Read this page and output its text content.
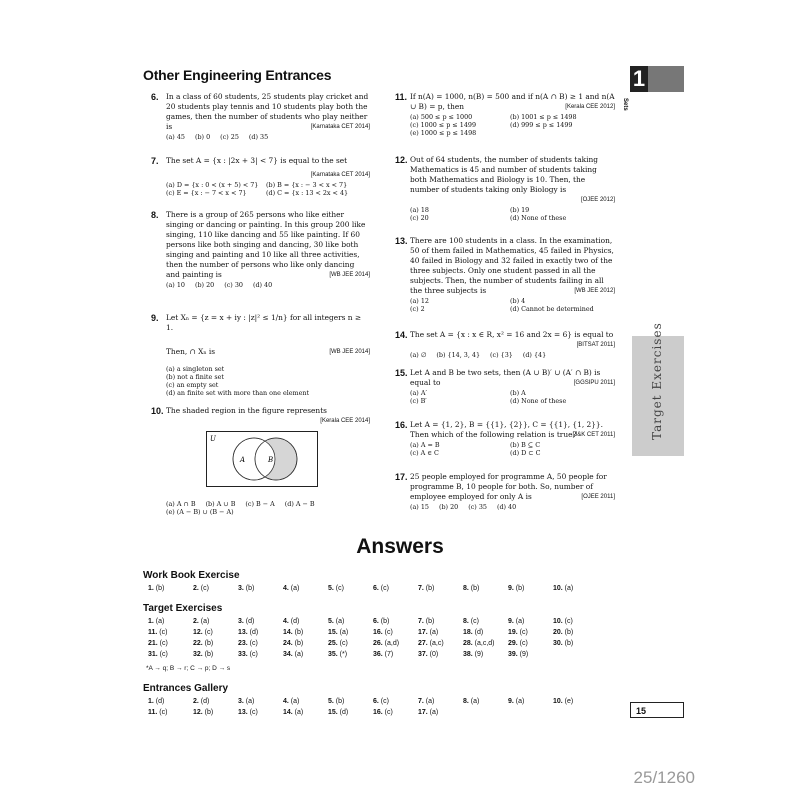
Other Engineering Entrances	1
Sets
Target Exercises
6. In a class of 60 students, 25 students play cricket and 20 students play tennis and 10 students play both the games, then the number of students who play neither is	[Karnataka CET 2014]
(a) 45 (b) 0 (c) 25 (d) 35
7. The set A = {x : |2x + 3| < 7} is equal to the set
[Karnataka CET 2014]
(a) D = {x : 0 < (x + 5) < 7}	(b) B = {x : − 3 < x < 7}
(c) E = {x : − 7 < x < 7}	(d) C = {x : 13 < 2x < 4}
8. There is a group of 265 persons who like either singing or dancing or painting. In this group 200 like singing, 110 like dancing and 55 like painting. If 60 persons like both singing and dancing, 30 like both singing and painting and 10 like all three activities, then the number of persons who like only dancing and painting is	[WB JEE 2014]
(a) 10 (b) 20 (c) 30 (d) 40
9. Let Xₙ = {z = x + iy : |z|² ≤ 1/n} for all integers n ≥ 1.
Then, ∩ Xₙ is	[WB JEE 2014]
(a) a singleton set
(b) not a finite set
(c) an empty set
(d) an finite set with more than one element
10. The shaded region in the figure represents
[Kerala CEE 2014]
U
A	B
(a) A ∩ B (b) A ∪ B (c) B − A (d) A − B
(e) (A − B) ∪ (B − A)
11. If n(A) = 1000, n(B) = 500 and if n(A ∩ B) ≥ 1 and n(A ∪ B) = p, then	[Kerala CEE 2012]
(a) 500 ≤ p ≤ 1000	(b) 1001 ≤ p ≤ 1498
(c) 1000 ≤ p ≤ 1499	(d) 999 ≤ p ≤ 1499
(e) 1000 ≤ p ≤ 1498
12. Out of 64 students, the number of students taking Mathematics is 45 and number of students taking both Mathematics and Biology is 10. Then, the number of students taking only Biology is
[OJEE 2012]
(a) 18	(b) 19
(c) 20	(d) None of these
13. There are 100 students in a class. In the examination, 50 of them failed in Mathematics, 45 failed in Physics, 40 failed in Biology and 32 failed in exactly two of the three subjects. Only one student passed in all the subjects. Then, the number of students failing in all the three subjects is	[WB JEE 2012]
(a) 12	(b) 4
(c) 2	(d) Cannot be determined
14. The set A = {x : x ∈ R, x² = 16 and 2x = 6} is equal to
[BITSAT 2011]
(a) ∅ (b) {14, 3, 4} (c) {3} (d) {4}
15. Let A and B be two sets, then (A ∪ B)′ ∪ (A′ ∩ B) is equal to	[GGSIPU 2011]
(a) A′	(b) A
(c) B′	(d) None of these
16. Let A = {1, 2}, B = {{1}, {2}}, C = {{1}, {1, 2}}. Then which of the following relation is true?
[J&K CET 2011]
(a) A = B	(b) B ⊆ C
(c) A ∈ C	(d) D ⊂ C
17. 25 people employed for programme A, 50 people for programme B, 10 people for both. So, number of employee employed for only A is	[OJEE 2011]
(a) 15 (b) 20 (c) 35 (d) 40
Answers
Work Book Exercise
1. (b)	2. (c)	3. (b)	4. (a)	5. (c)	6. (c)	7. (b)	8. (b)	9. (b)	10. (a)
Target Exercises
1. (a)	2. (a)	3. (d)	4. (d)	5. (a)	6. (b)	7. (b)	8. (c)	9. (a)	10. (c)
11. (c)	12. (c)	13. (d)	14. (b)	15. (a)	16. (c)	17. (a)	18. (d)	19. (c)	20. (b)
21. (c)	22. (b)	23. (c)	24. (b)	25. (c)	26. (a,d)	27. (a,c)	28. (a,c,d)	29. (c)	30. (b)
31. (c)	32. (b)	33. (c)	34. (a)	35. (*)	36. (7)	37. (0)	38. (9)	39. (9)
*A → q; B → r; C → p; D → s
Entrances Gallery
1. (d)	2. (d)	3. (a)	4. (a)	5. (b)	6. (c)	7. (a)	8. (a)	9. (a)	10. (e)
11. (c)	12. (b)	13. (c)	14. (a)	15. (d)	16. (c)	17. (a)	15
25/1260
